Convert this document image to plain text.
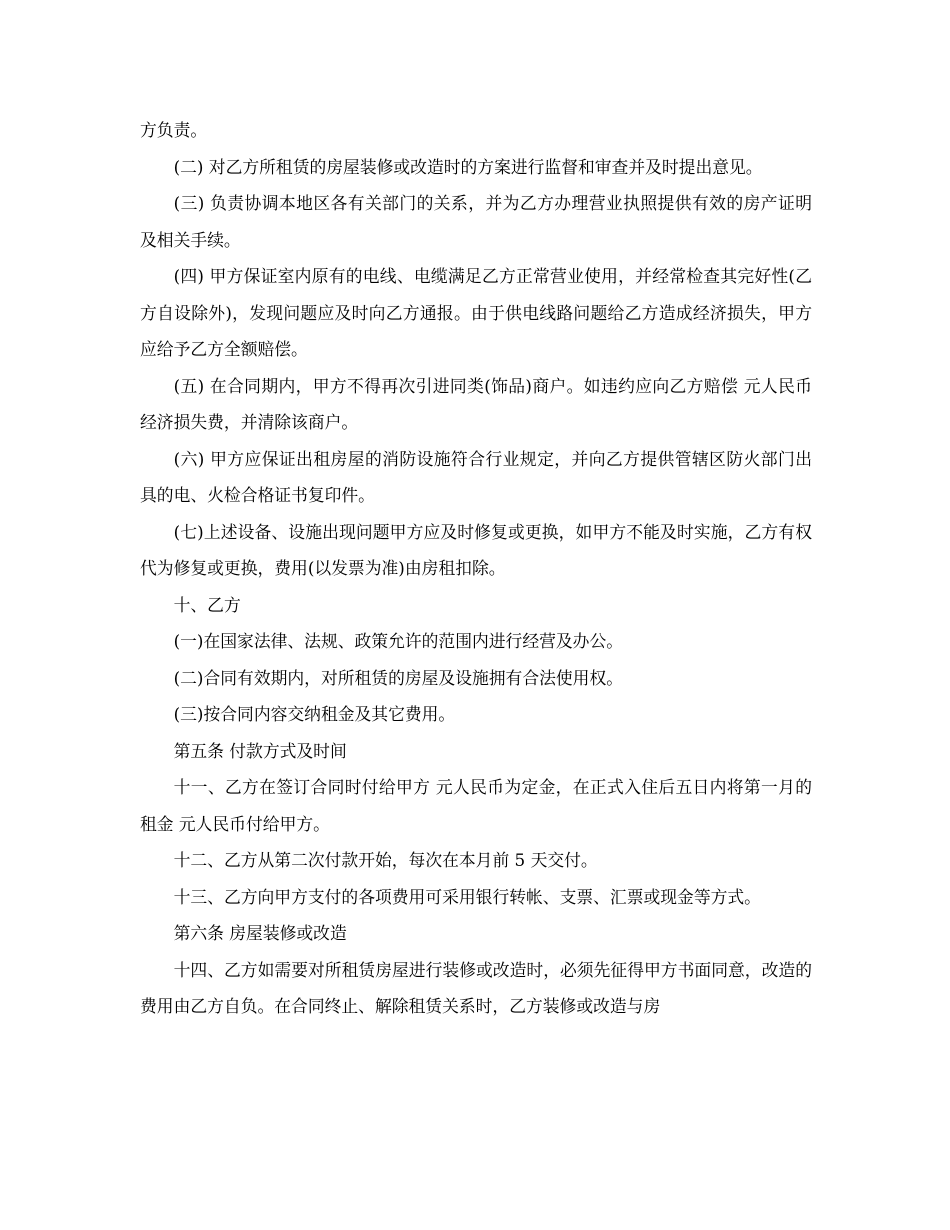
方负责。

(二) 对乙方所租赁的房屋装修或改造时的方案进行监督和审查并及时提出意见。

(三) 负责协调本地区各有关部门的关系，并为乙方办理营业执照提供有效的房产证明及相关手续。

(四) 甲方保证室内原有的电线、电缆满足乙方正常营业使用，并经常检查其完好性(乙方自设除外)，发现问题应及时向乙方通报。由于供电线路问题给乙方造成经济损失，甲方应给予乙方全额赔偿。

(五) 在合同期内，甲方不得再次引进同类(饰品)商户。如违约应向乙方赔偿 元人民币经济损失费，并清除该商户。

(六) 甲方应保证出租房屋的消防设施符合行业规定，并向乙方提供管辖区防火部门出具的电、火检合格证书复印件。

(七)上述设备、设施出现问题甲方应及时修复或更换，如甲方不能及时实施，乙方有权代为修复或更换，费用(以发票为准)由房租扣除。

十、乙方

(一)在国家法律、法规、政策允许的范围内进行经营及办公。

(二)合同有效期内，对所租赁的房屋及设施拥有合法使用权。

(三)按合同内容交纳租金及其它费用。

第五条 付款方式及时间

十一、乙方在签订合同时付给甲方 元人民币为定金，在正式入住后五日内将第一月的租金 元人民币付给甲方。

十二、乙方从第二次付款开始，每次在本月前 5 天交付。

十三、乙方向甲方支付的各项费用可采用银行转帐、支票、汇票或现金等方式。

第六条 房屋装修或改造

十四、乙方如需要对所租赁房屋进行装修或改造时，必须先征得甲方书面同意，改造的费用由乙方自负。在合同终止、解除租赁关系时，乙方装修或改造与房
